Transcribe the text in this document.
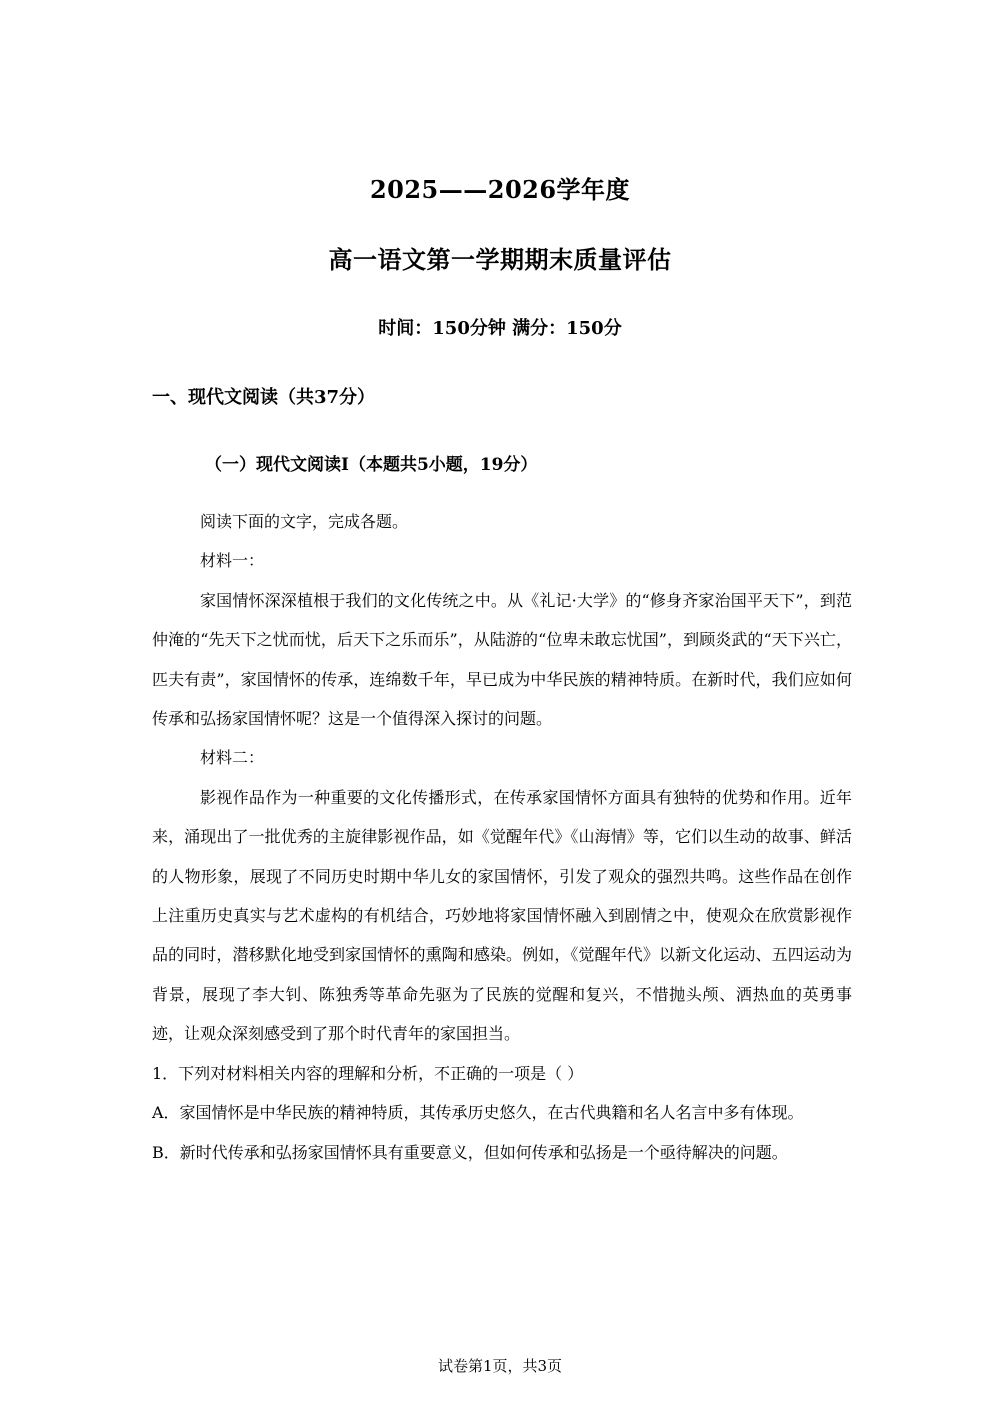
2025——2026学年度
高一语文第一学期期末质量评估
时间：150分钟 满分：150分
一、现代文阅读（共37分）
（一）现代文阅读Ⅰ（本题共5小题，19分）

阅读下面的文字，完成各题。

材料一：

家国情怀深深植根于我们的文化传统之中。从《礼记·大学》的“修身齐家治国平天下”，到范仲淹的“先天下之忧而忧，后天下之乐而乐”，从陆游的“位卑未敢忘忧国”，到顾炎武的“天下兴亡，匹夫有责”，家国情怀的传承，连绵数千年，早已成为中华民族的精神特质。在新时代，我们应如何传承和弘扬家国情怀呢？这是一个值得深入探讨的问题。

材料二：

影视作品作为一种重要的文化传播形式，在传承家国情怀方面具有独特的优势和作用。近年来，涌现出了一批优秀的主旋律影视作品，如《觉醒年代》《山海情》等，它们以生动的故事、鲜活的人物形象，展现了不同历史时期中华儿女的家国情怀，引发了观众的强烈共鸣。这些作品在创作上注重历史真实与艺术虚构的有机结合，巧妙地将家国情怀融入到剧情之中，使观众在欣赏影视作品的同时，潜移默化地受到家国情怀的熏陶和感染。例如，《觉醒年代》以新文化运动、五四运动为背景，展现了李大钊、陈独秀等革命先驱为了民族的觉醒和复兴，不惜抛头颅、洒热血的英勇事迹，让观众深刻感受到了那个时代青年的家国担当。

1．下列对材料相关内容的理解和分析，不正确的一项是（ ）

A．家国情怀是中华民族的精神特质，其传承历史悠久，在古代典籍和名人名言中多有体现。

B．新时代传承和弘扬家国情怀具有重要意义，但如何传承和弘扬是一个亟待解决的问题。

试卷第1页，共3页
